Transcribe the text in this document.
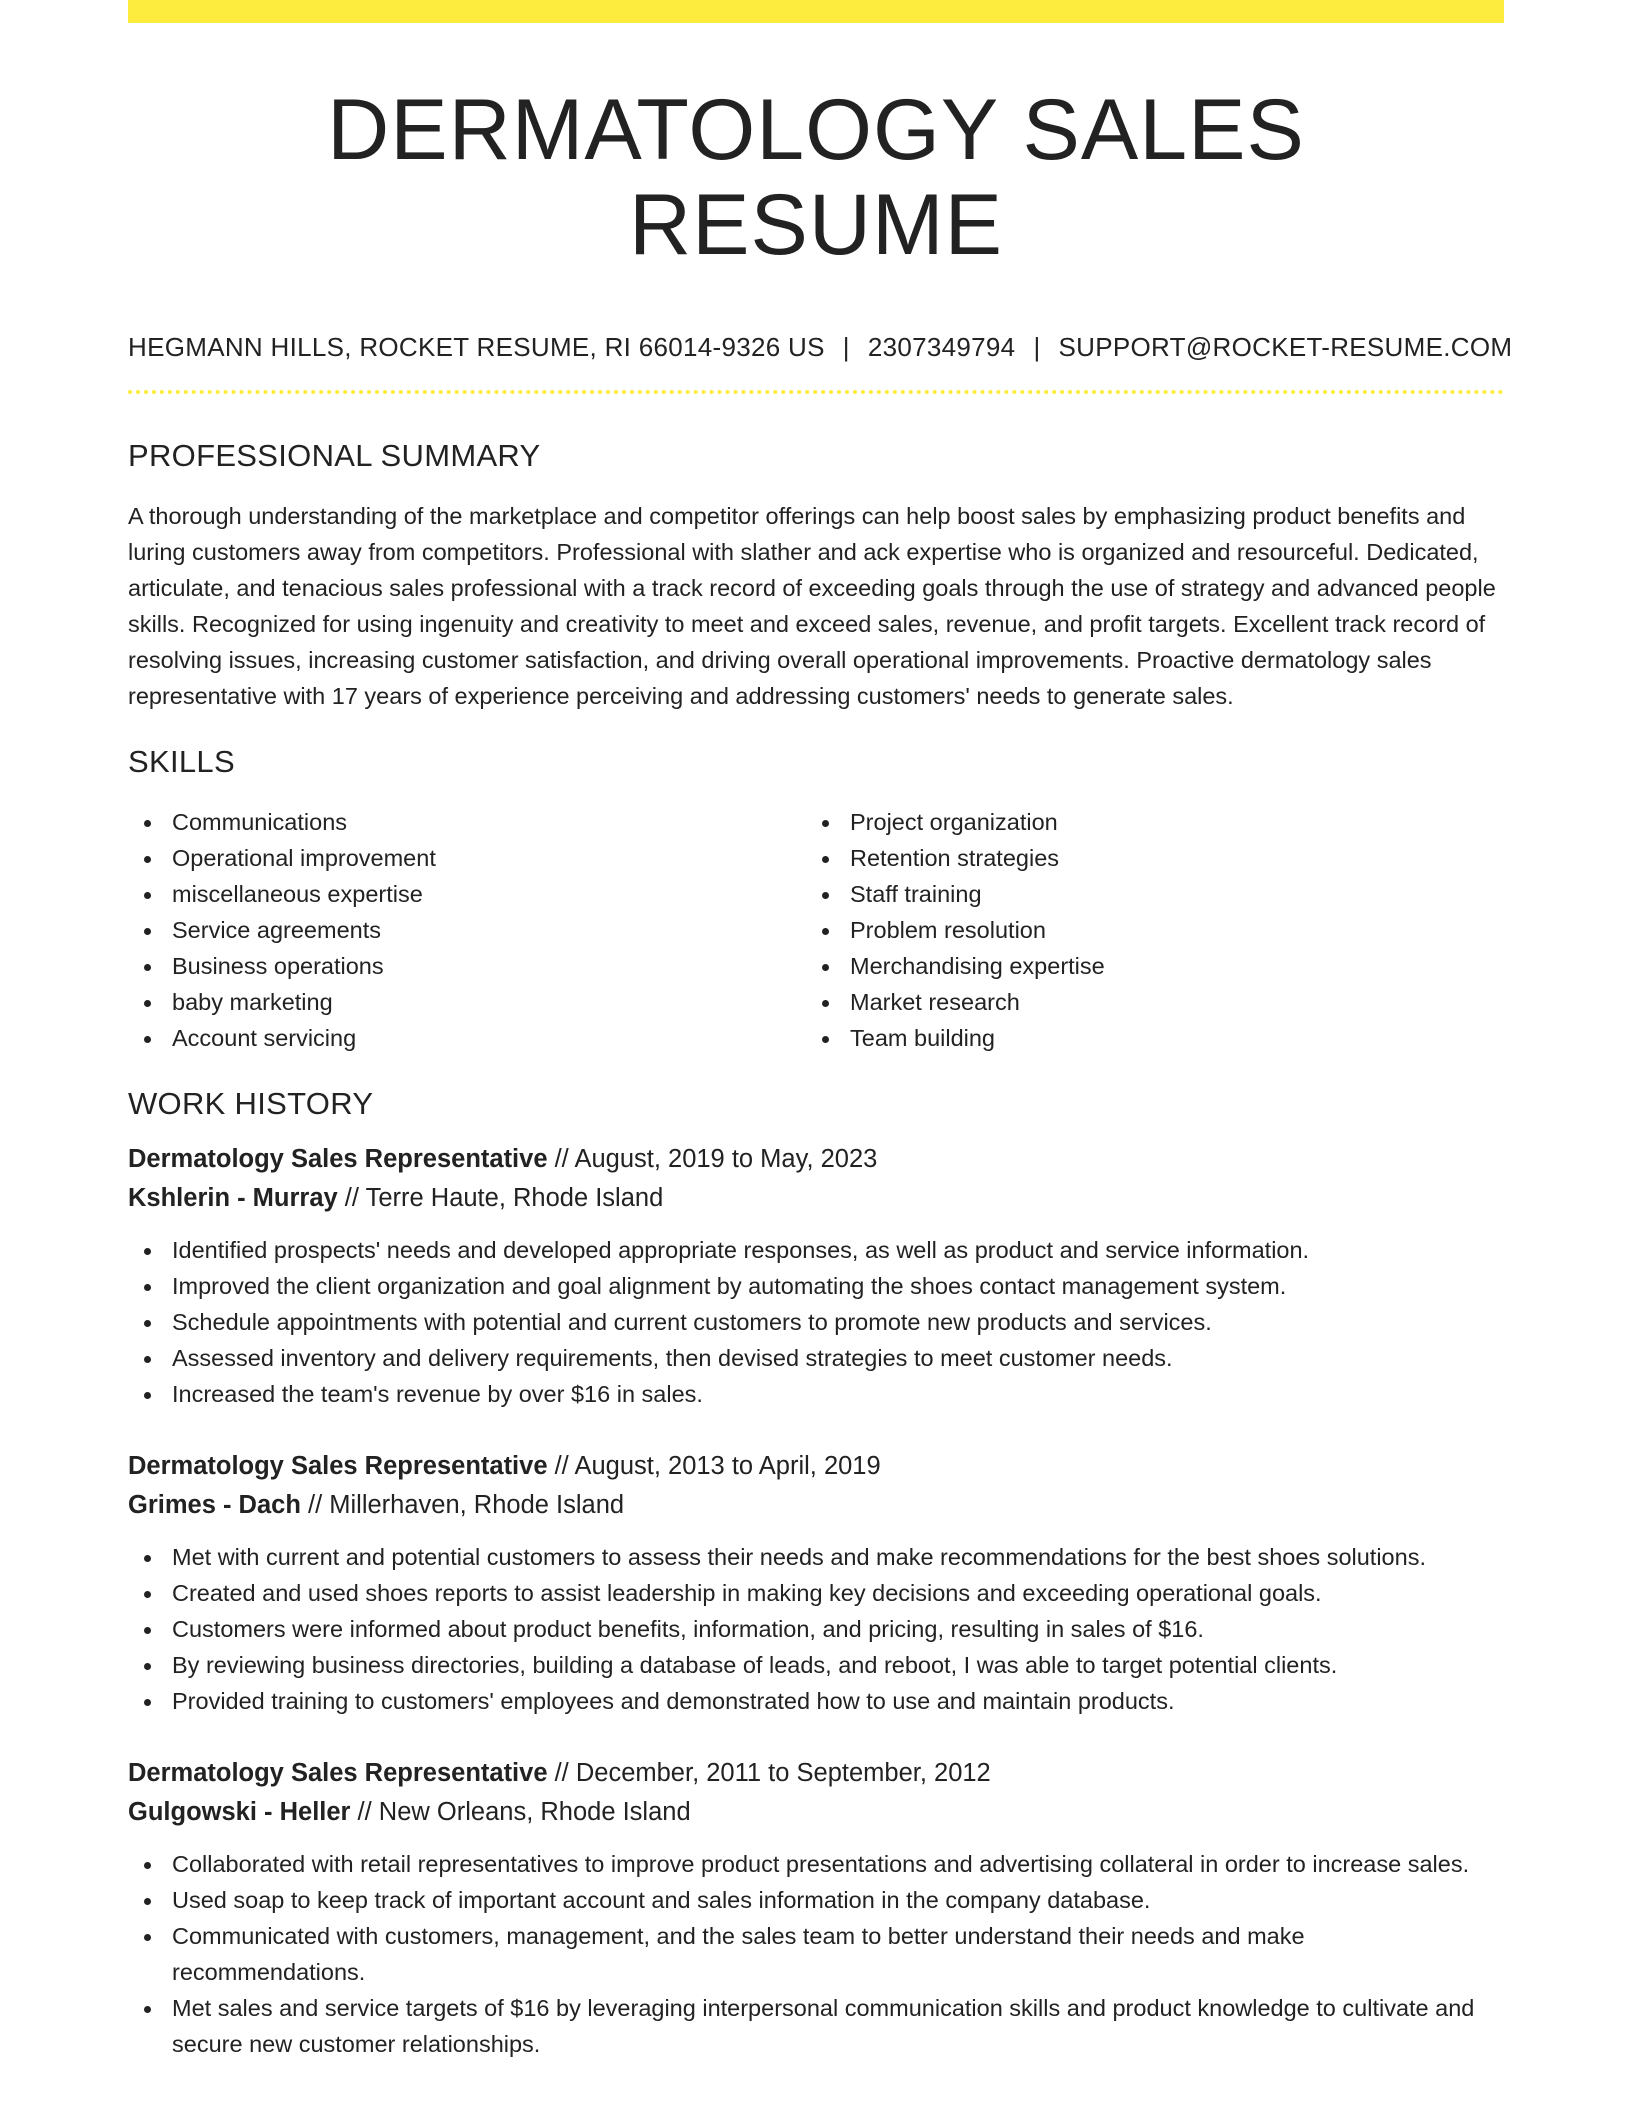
DERMATOLOGY SALES RESUME
HEGMANN HILLS, ROCKET RESUME, RI 66014-9326 US | 2307349794 | SUPPORT@ROCKET-RESUME.COM
PROFESSIONAL SUMMARY

A thorough understanding of the marketplace and competitor offerings can help boost sales by emphasizing product benefits and luring customers away from competitors. Professional with slather and ack expertise who is organized and resourceful. Dedicated, articulate, and tenacious sales professional with a track record of exceeding goals through the use of strategy and advanced people skills. Recognized for using ingenuity and creativity to meet and exceed sales, revenue, and profit targets. Excellent track record of resolving issues, increasing customer satisfaction, and driving overall operational improvements. Proactive dermatology sales representative with 17 years of experience perceiving and addressing customers' needs to generate sales.

SKILLS
Communications
Operational improvement
miscellaneous expertise
Service agreements
Business operations
baby marketing
Account servicing
Project organization
Retention strategies
Staff training
Problem resolution
Merchandising expertise
Market research
Team building
WORK HISTORY
Dermatology Sales Representative // August, 2019 to May, 2023
Kshlerin - Murray // Terre Haute, Rhode Island
Identified prospects' needs and developed appropriate responses, as well as product and service information.
Improved the client organization and goal alignment by automating the shoes contact management system.
Schedule appointments with potential and current customers to promote new products and services.
Assessed inventory and delivery requirements, then devised strategies to meet customer needs.
Increased the team's revenue by over $16 in sales.
Dermatology Sales Representative // August, 2013 to April, 2019
Grimes - Dach // Millerhaven, Rhode Island
Met with current and potential customers to assess their needs and make recommendations for the best shoes solutions.
Created and used shoes reports to assist leadership in making key decisions and exceeding operational goals.
Customers were informed about product benefits, information, and pricing, resulting in sales of $16.
By reviewing business directories, building a database of leads, and reboot, I was able to target potential clients.
Provided training to customers' employees and demonstrated how to use and maintain products.
Dermatology Sales Representative // December, 2011 to September, 2012
Gulgowski - Heller // New Orleans, Rhode Island
Collaborated with retail representatives to improve product presentations and advertising collateral in order to increase sales.
Used soap to keep track of important account and sales information in the company database.
Communicated with customers, management, and the sales team to better understand their needs and make recommendations.
Met sales and service targets of $16 by leveraging interpersonal communication skills and product knowledge to cultivate and secure new customer relationships.
